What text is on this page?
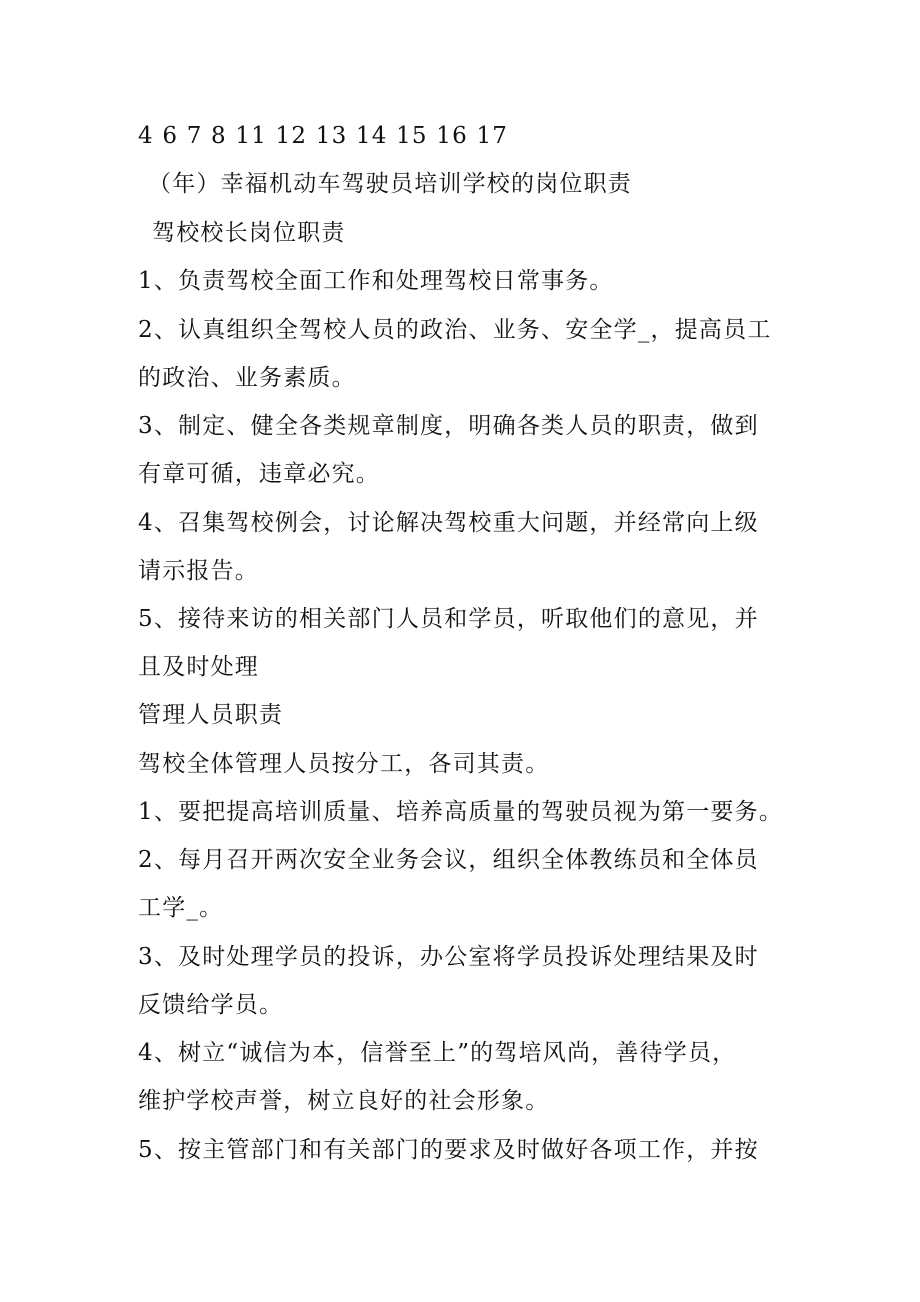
4 6 7 8 11 12 13 14 15 16 17
（年）幸福机动车驾驶员培训学校的岗位职责
驾校校长岗位职责
1、负责驾校全面工作和处理驾校日常事务。
2、认真组织全驾校人员的政治、业务、安全学_，提高员工
的政治、业务素质。
3、制定、健全各类规章制度，明确各类人员的职责，做到
有章可循，违章必究。
4、召集驾校例会，讨论解决驾校重大问题，并经常向上级
请示报告。
5、接待来访的相关部门人员和学员，听取他们的意见，并
且及时处理
管理人员职责
驾校全体管理人员按分工，各司其责。
1、要把提高培训质量、培养高质量的驾驶员视为第一要务。
2、每月召开两次安全业务会议，组织全体教练员和全体员
工学_。
3、及时处理学员的投诉，办公室将学员投诉处理结果及时
反馈给学员。
4、树立“诚信为本，信誉至上”的驾培风尚，善待学员，
维护学校声誉，树立良好的社会形象。
5、按主管部门和有关部门的要求及时做好各项工作，并按
